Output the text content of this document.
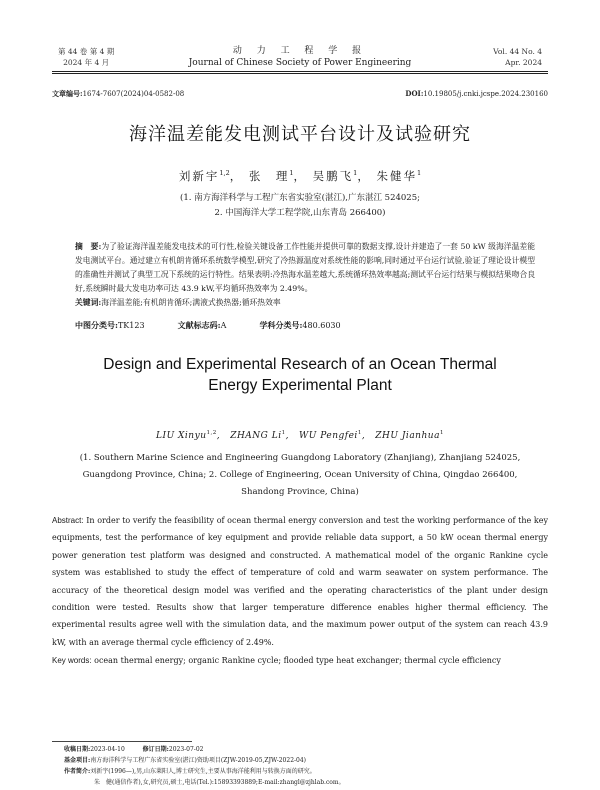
第 44 卷 第 4 期
2024 年 4 月
动 力 工 程 学 报
Journal of Chinese Society of Power Engineering
Vol. 44 No. 4
Apr. 2024
文章编号:1674-7607(2024)04-0582-08	DOI:10.19805/j.cnki.jcspe.2024.230160
海洋温差能发电测试平台设计及试验研究
刘新宇$^{1,2}$， 张　理$^1$， 吴鹏飞$^1$， 朱健华$^1$
(1. 南方海洋科学与工程广东省实验室(湛江),广东湛江 524025;
2. 中国海洋大学工程学院,山东青岛 266400)
摘　要:为了验证海洋温差能发电技术的可行性,检验关键设备工作性能并提供可靠的数据支撑,设计并建造了一套 50 kW 级海洋温差能发电测试平台。通过建立有机朗肯循环系统数学模型,研究了冷热源温度对系统性能的影响,同时通过平台运行试验,验证了理论设计模型的准确性并测试了典型工况下系统的运行特性。结果表明:冷热海水温差越大,系统循环热效率越高;测试平台运行结果与模拟结果吻合良好,系统瞬时最大发电功率可达 43.9 kW,平均循环热效率为 2.49%。
关键词:海洋温差能;有机朗肯循环;满液式换热器;循环热效率
中图分类号:TK123	文献标志码:A	学科分类号:480.6030
Design and Experimental Research of an Ocean Thermal
Energy Experimental Plant
LIU Xinyu$^{1,2}$,   ZHANG Li$^1$,   WU Pengfei$^1$,   ZHU Jianhua$^1$
(1. Southern Marine Science and Engineering Guangdong Laboratory (Zhanjiang), Zhanjiang 524025, Guangdong Province, China; 2. College of Engineering, Ocean University of China, Qingdao 266400, Shandong Province, China)
Abstract: In order to verify the feasibility of ocean thermal energy conversion and test the working performance of the key equipments, test the performance of key equipment and provide reliable data support, a 50 kW ocean thermal energy power generation test platform was designed and constructed. A mathematical model of the organic Rankine cycle system was established to study the effect of temperature of cold and warm seawater on system performance. The accuracy of the theoretical design model was verified and the operating characteristics of the plant under design condition were tested. Results show that larger temperature difference enables higher thermal efficiency. The experimental results agree well with the simulation data, and the maximum power output of the system can reach 43.9 kW, with an average thermal cycle efficiency of 2.49%.
Key words: ocean thermal energy; organic Rankine cycle; flooded type heat exchanger; thermal cycle efficiency
收稿日期:2023-04-10	修订日期:2023-07-02
基金项目:南方海洋科学与工程广东省实验室(湛江)资助项目(ZJW-2019-05,ZJW-2022-04)
作者简介:刘新宇(1996—),男,山东莱阳人,博士研究生,主要从事海洋能利用与转换方面的研究。
朱　健(通信作者),女,研究员,硕士,电话(Tel.):15893393889;E-mail:zhangl@zjhlab.com。
